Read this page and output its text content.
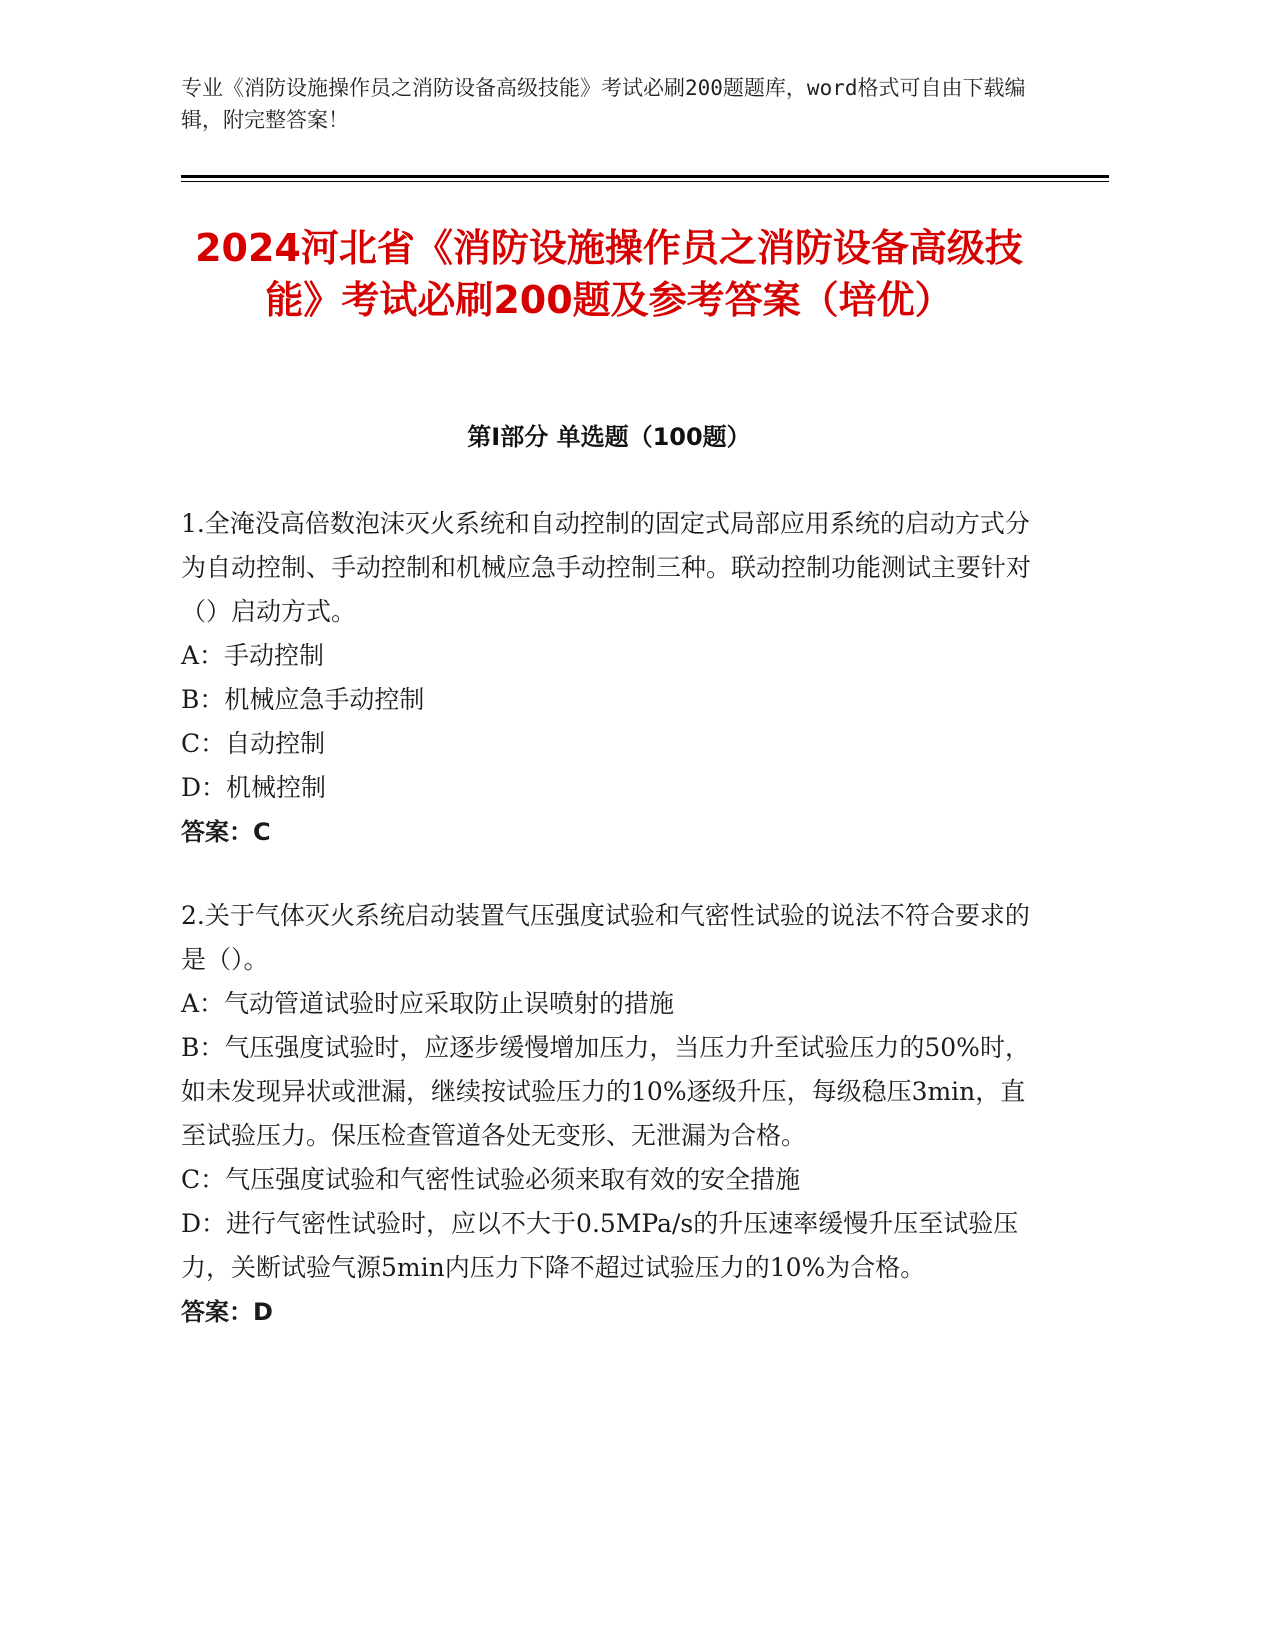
专业《消防设施操作员之消防设备高级技能》考试必刷200题题库，word格式可自由下载编辑，附完整答案！
2024河北省《消防设施操作员之消防设备高级技能》考试必刷200题及参考答案（培优）
第I部分 单选题（100题）
1.全淹没高倍数泡沫灭火系统和自动控制的固定式局部应用系统的启动方式分为自动控制、手动控制和机械应急手动控制三种。联动控制功能测试主要针对（）启动方式。
A：手动控制
B：机械应急手动控制
C：自动控制
D：机械控制
答案：C
2.关于气体灭火系统启动装置气压强度试验和气密性试验的说法不符合要求的是（）。
A：气动管道试验时应采取防止误喷射的措施
B：气压强度试验时，应逐步缓慢增加压力，当压力升至试验压力的50%时，如未发现异状或泄漏，继续按试验压力的10%逐级升压，每级稳压3min，直至试验压力。保压检查管道各处无变形、无泄漏为合格。
C：气压强度试验和气密性试验必须来取有效的安全措施
D：进行气密性试验时，应以不大于0.5MPa/s的升压速率缓慢升压至试验压力，关断试验气源5min内压力下降不超过试验压力的10%为合格。
答案：D
